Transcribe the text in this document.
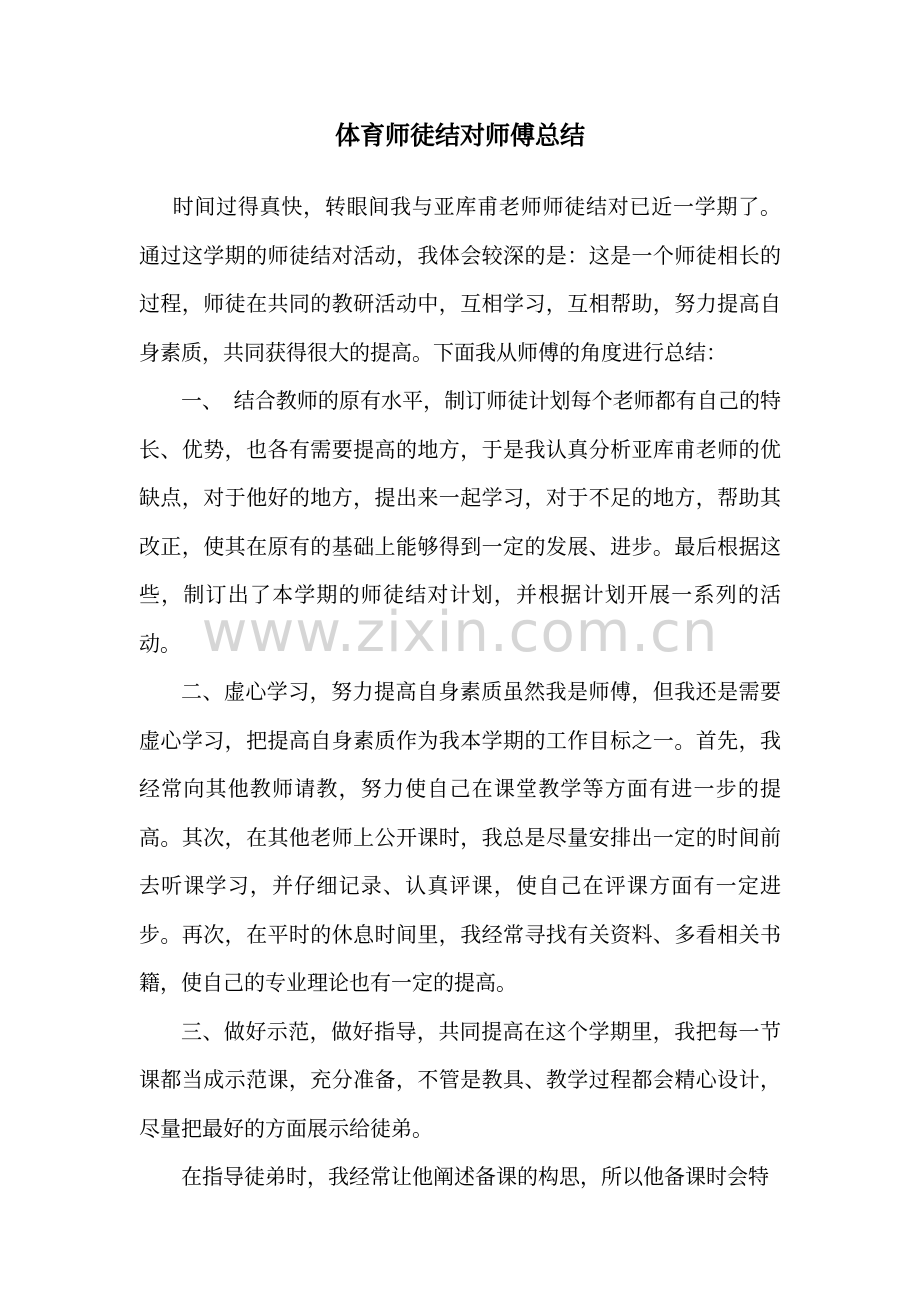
体育师徒结对师傅总结

时间过得真快，转眼间我与亚库甫老师师徒结对已近一学期了。通过这学期的师徒结对活动，我体会较深的是：这是一个师徒相长的过程，师徒在共同的教研活动中，互相学习，互相帮助，努力提高自身素质，共同获得很大的提高。下面我从师傅的角度进行总结：

一、　结合教师的原有水平，制订师徒计划每个老师都有自己的特长、优势，也各有需要提高的地方，于是我认真分析亚库甫老师的优缺点，对于他好的地方，提出来一起学习，对于不足的地方，帮助其改正，使其在原有的基础上能够得到一定的发展、进步。最后根据这些，制订出了本学期的师徒结对计划，并根据计划开展一系列的活动。

二、虚心学习，努力提高自身素质虽然我是师傅，但我还是需要虚心学习，把提高自身素质作为我本学期的工作目标之一。首先，我经常向其他教师请教，努力使自己在课堂教学等方面有进一步的提高。其次，在其他老师上公开课时，我总是尽量安排出一定的时间前去听课学习，并仔细记录、认真评课，使自己在评课方面有一定进步。再次，在平时的休息时间里，我经常寻找有关资料、多看相关书籍，使自己的专业理论也有一定的提高。

三、做好示范，做好指导，共同提高在这个学期里，我把每一节课都当成示范课，充分准备，不管是教具、教学过程都会精心设计，尽量把最好的方面展示给徒弟。

在指导徒弟时，我经常让他阐述备课的构思，所以他备课时会特

www.zixin.com.cn
